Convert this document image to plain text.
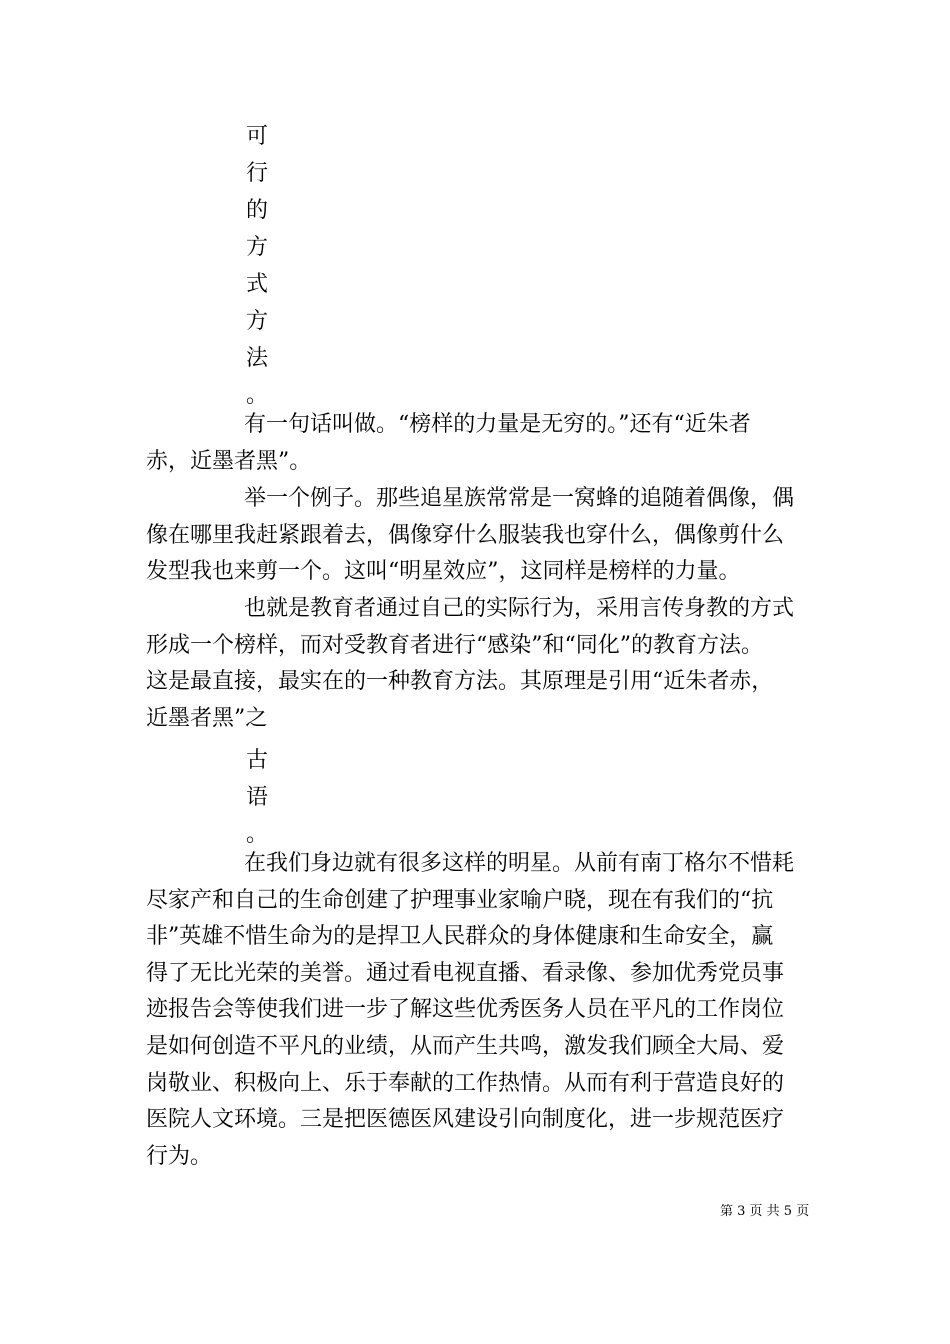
可
行
的
方
式
方
法
。
有一句话叫做。“榜样的力量是无穷的。”还有“近朱者
赤，近墨者黑”。
举一个例子。那些追星族常常是一窝蜂的追随着偶像，偶
像在哪里我赶紧跟着去，偶像穿什么服装我也穿什么，偶像剪什么
发型我也来剪一个。这叫“明星效应”，这同样是榜样的力量。
也就是教育者通过自己的实际行为，采用言传身教的方式
形成一个榜样，而对受教育者进行“感染”和“同化”的教育方法。
这是最直接，最实在的一种教育方法。其原理是引用“近朱者赤，
近墨者黑”之
古
语
。
在我们身边就有很多这样的明星。从前有南丁格尔不惜耗
尽家产和自己的生命创建了护理事业家喻户晓，现在有我们的“抗
非”英雄不惜生命为的是捍卫人民群众的身体健康和生命安全，赢
得了无比光荣的美誉。通过看电视直播、看录像、参加优秀党员事
迹报告会等使我们进一步了解这些优秀医务人员在平凡的工作岗位
是如何创造不平凡的业绩，从而产生共鸣，激发我们顾全大局、爱
岗敬业、积极向上、乐于奉献的工作热情。从而有利于营造良好的
医院人文环境。三是把医德医风建设引向制度化，进一步规范医疗
行为。
第 3 页 共 5 页
